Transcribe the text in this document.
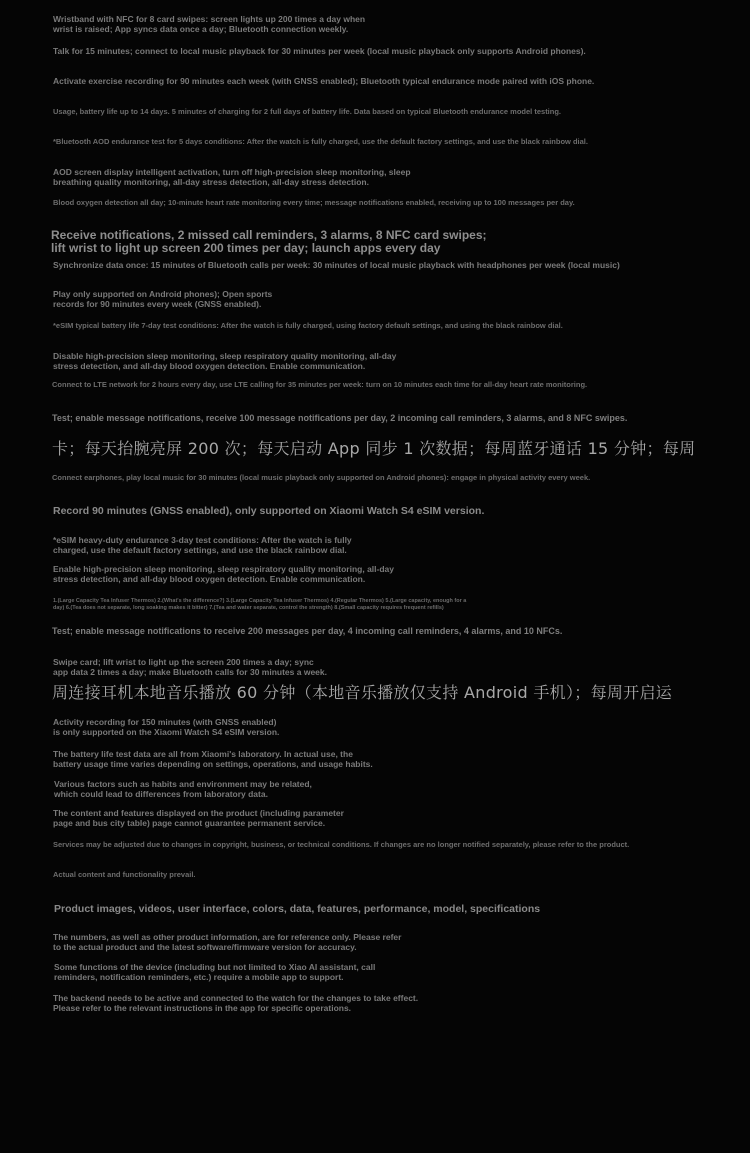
Wristband with NFC for 8 card swipes: screen lights up 200 times a day when
wrist is raised; App syncs data once a day; Bluetooth connection weekly.

Talk for 15 minutes; connect to local music playback for 30 minutes per week (local music playback only supports Android phones).

Activate exercise recording for 90 minutes each week (with GNSS enabled); Bluetooth typical endurance mode paired with iOS phone.

Usage, battery life up to 14 days. 5 minutes of charging for 2 full days of battery life. Data based on typical Bluetooth endurance model testing.

*Bluetooth AOD endurance test for 5 days conditions: After the watch is fully charged, use the default factory settings, and use the black rainbow dial.

AOD screen display intelligent activation, turn off high-precision sleep monitoring, sleep
breathing quality monitoring, all-day stress detection, all-day stress detection.

Blood oxygen detection all day; 10-minute heart rate monitoring every time; message notifications enabled, receiving up to 100 messages per day.

Receive notifications, 2 missed call reminders, 3 alarms, 8 NFC card swipes;
lift wrist to light up screen 200 times per day; launch apps every day

Synchronize data once: 15 minutes of Bluetooth calls per week: 30 minutes of local music playback with headphones per week (local music)

Play only supported on Android phones); Open sports
records for 90 minutes every week (GNSS enabled).

*eSIM typical battery life 7-day test conditions: After the watch is fully charged, using factory default settings, and using the black rainbow dial.

Disable high-precision sleep monitoring, sleep respiratory quality monitoring, all-day
stress detection, and all-day blood oxygen detection. Enable communication.

Connect to LTE network for 2 hours every day, use LTE calling for 35 minutes per week: turn on 10 minutes each time for all-day heart rate monitoring.

Test; enable message notifications, receive 100 message notifications per day, 2 incoming call reminders, 3 alarms, and 8 NFC swipes.

卡；每天抬腕亮屏 200 次；每天启动 App 同步 1 次数据；每周蓝牙通话 15 分钟；每周

Connect earphones, play local music for 30 minutes (local music playback only supported on Android phones): engage in physical activity every week.

Record 90 minutes (GNSS enabled), only supported on Xiaomi Watch S4 eSIM version.

*eSIM heavy-duty endurance 3-day test conditions: After the watch is fully
charged, use the default factory settings, and use the black rainbow dial.

Enable high-precision sleep monitoring, sleep respiratory quality monitoring, all-day
stress detection, and all-day blood oxygen detection. Enable communication.

1.(Large Capacity Tea Infuser Thermos) 2.(What's the difference?) 3.(Large Capacity Tea Infuser Thermos) 4.(Regular Thermos) 5.(Large capacity, enough for a
day) 6.(Tea does not separate, long soaking makes it bitter) 7.(Tea and water separate, control the strength) 8.(Small capacity requires frequent refills)

Test; enable message notifications to receive 200 messages per day, 4 incoming call reminders, 4 alarms, and 10 NFCs.

Swipe card; lift wrist to light up the screen 200 times a day; sync
app data 2 times a day; make Bluetooth calls for 30 minutes a week.

周连接耳机本地音乐播放 60 分钟（本地音乐播放仅支持 Android 手机）；每周开启运

Activity recording for 150 minutes (with GNSS enabled)
is only supported on the Xiaomi Watch S4 eSIM version.

The battery life test data are all from Xiaomi's laboratory. In actual use, the
battery usage time varies depending on settings, operations, and usage habits.

Various factors such as habits and environment may be related,
which could lead to differences from laboratory data.

The content and features displayed on the product (including parameter
page and bus city table) page cannot guarantee permanent service.

Services may be adjusted due to changes in copyright, business, or technical conditions. If changes are no longer notified separately, please refer to the product.

Actual content and functionality prevail.

Product images, videos, user interface, colors, data, features, performance, model, specifications

The numbers, as well as other product information, are for reference only. Please refer
to the actual product and the latest software/firmware version for accuracy.

Some functions of the device (including but not limited to Xiao AI assistant, call
reminders, notification reminders, etc.) require a mobile app to support.

The backend needs to be active and connected to the watch for the changes to take effect.
Please refer to the relevant instructions in the app for specific operations.
